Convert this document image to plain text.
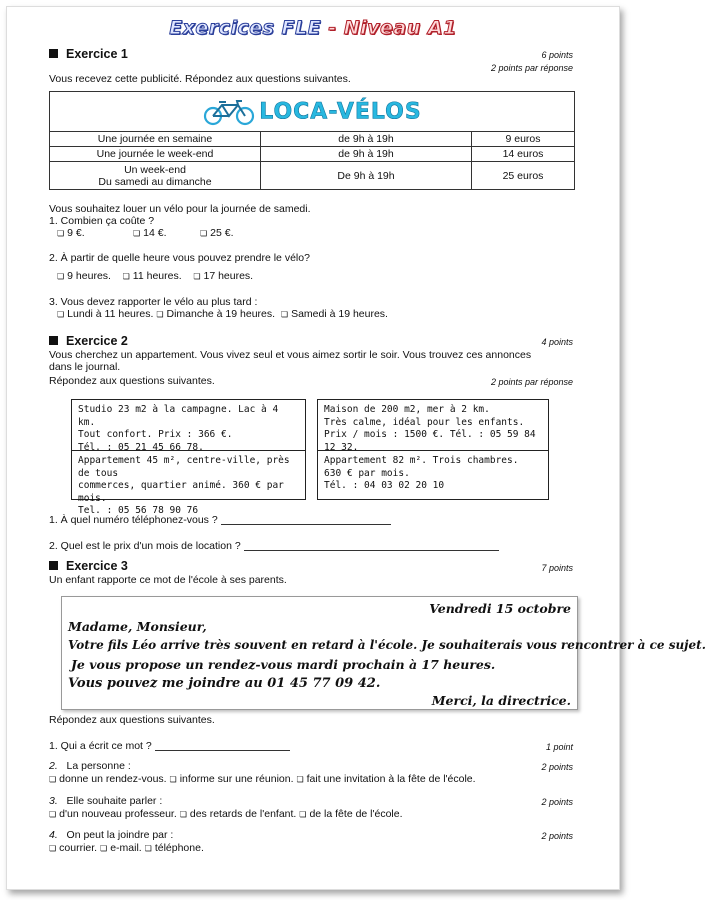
Exercices FLE - Niveau A1
Exercice 1	6 points
2 points par réponse
Vous recevez cette publicité. Répondez aux questions suivantes.
LOCA-VÉLOS		
Une journée en semaine	de 9h à 19h	9 euros
Une journée le week-end	de 9h à 19h	14 euros
Un week-end
Du samedi au dimanche	De 9h à 19h	25 euros
Vous souhaitez louer un vélo pour la journée de samedi.
1. Combien ça coûte ?
❏ 9 €.	❏ 14 €.	❏ 25 €.
2. À partir de quelle heure vous pouvez prendre le vélo?
❏ 9 heures. ❏ 11 heures. ❏ 17 heures.
3. Vous devez rapporter le vélo au plus tard :
❏ Lundi à 11 heures. ❏ Dimanche à 19 heures. ❏ Samedi à 19 heures.
Exercice 2	4 points
Vous cherchez un appartement. Vous vivez seul et vous aimez sortir le soir. Vous trouvez ces annonces
dans le journal.
Répondez aux questions suivantes.	2 points par réponse
Studio 23 m2 à la campagne. Lac à 4 km.
Tout confort. Prix : 366 €.
Tél. : 05 21 45 66 78.
Maison de 200 m2, mer à 2 km.
Très calme, idéal pour les enfants.
Prix / mois : 1500 €. Tél. : 05 59 84 12 32.
Appartement 45 m², centre-ville, près de tous
commerces, quartier animé. 360 € par mois.
Tel. : 05 56 78 90 76
Appartement 82 m². Trois chambres.
630 € par mois.
Tél. : 04 03 02 20 10
1. À quel numéro téléphonez-vous ?
2. Quel est le prix d'un mois de location ?
Exercice 3	7 points
Un enfant rapporte ce mot de l'école à ses parents.
Vendredi 15 octobre
Madame, Monsieur,
Votre fils Léo arrive très souvent en retard à l'école. Je souhaiterais vous rencontrer à ce sujet.
Je vous propose un rendez-vous mardi prochain à 17 heures.
Vous pouvez me joindre au 01 45 77 09 42.
Merci, la directrice.
Répondez aux questions suivantes.
1. Qui a écrit ce mot ?	1 point
2. La personne :	2 points
❏ donne un rendez-vous. ❏ informe sur une réunion. ❏ fait une invitation à la fête de l'école.
3. Elle souhaite parler :	2 points
❏ d'un nouveau professeur. ❏ des retards de l'enfant. ❏ de la fête de l'école.
4. On peut la joindre par :	2 points
❏ courrier. ❏ e-mail. ❏ téléphone.
